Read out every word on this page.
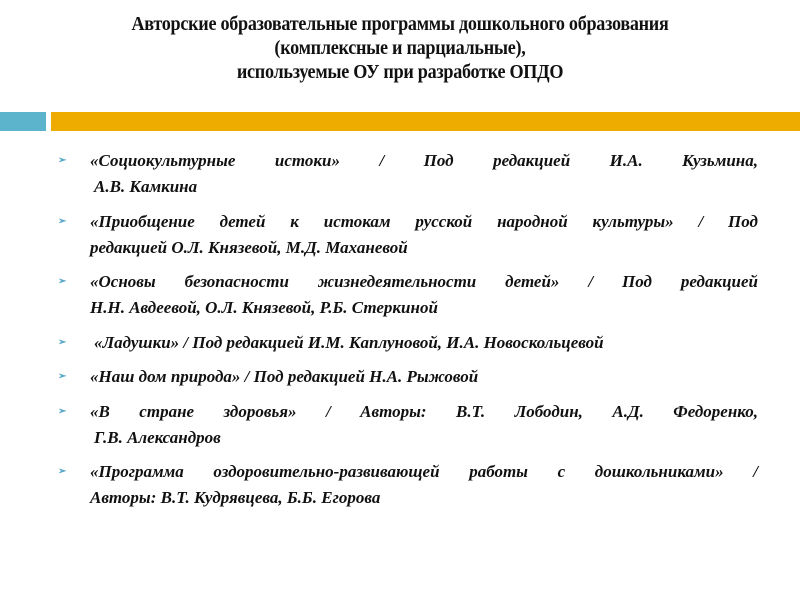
Авторские образовательные программы дошкольного образования
(комплексные и парциальные),
используемые ОУ при разработке ОПДО
➢ «Социокультурные истоки» / Под редакцией И.А. Кузьмина,
А.В. Камкина
➢ «Приобщение детей к истокам русской народной культуры» / Под
редакцией О.Л. Князевой, М.Д. Маханевой
➢ «Основы безопасности жизнедеятельности детей» / Под редакцией
Н.Н. Авдеевой, О.Л. Князевой, Р.Б. Стеркиной
➢ «Ладушки» / Под редакцией И.М. Каплуновой, И.А. Новоскольцевой
➢ «Наш дом природа» / Под редакцией Н.А. Рыжовой
➢ «В стране здоровья» / Авторы: В.Т. Лободин, А.Д. Федоренко,
Г.В. Александров
➢ «Программа оздоровительно-развивающей работы с дошкольниками» /
Авторы: В.Т. Кудрявцева, Б.Б. Егорова
